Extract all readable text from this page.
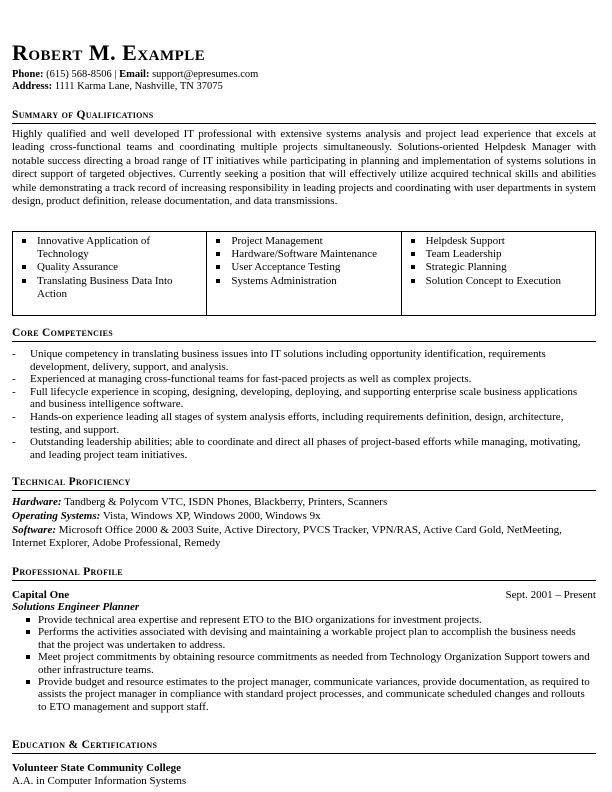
Robert M. Example
Phone: (615) 568-8506 | Email: support@epresumes.com
Address: 1111 Karma Lane, Nashville, TN 37075
Summary of Qualifications
Highly qualified and well developed IT professional with extensive systems analysis and project lead experience that excels at leading cross-functional teams and coordinating multiple projects simultaneously. Solutions-oriented Helpdesk Manager with notable success directing a broad range of IT initiatives while participating in planning and implementation of systems solutions in direct support of targeted objectives. Currently seeking a position that will effectively utilize acquired technical skills and abilities while demonstrating a track record of increasing responsibility in leading projects and coordinating with user departments in system design, product definition, release documentation, and data transmissions.
Innovative Application of Technology
Quality Assurance
Translating Business Data Into Action
Project Management
Hardware/Software Maintenance
User Acceptance Testing
Systems Administration
Helpdesk Support
Team Leadership
Strategic Planning
Solution Concept to Execution
Core Competencies
- Unique competency in translating business issues into IT solutions including opportunity identification, requirements development, delivery, support, and analysis.
- Experienced at managing cross-functional teams for fast-paced projects as well as complex projects.
- Full lifecycle experience in scoping, designing, developing, deploying, and supporting enterprise scale business applications and business intelligence software.
- Hands-on experience leading all stages of system analysis efforts, including requirements definition, design, architecture, testing, and support.
- Outstanding leadership abilities; able to coordinate and direct all phases of project-based efforts while managing, motivating, and leading project team initiatives.
Technical Proficiency
Hardware: Tandberg & Polycom VTC, ISDN Phones, Blackberry, Printers, Scanners
Operating Systems: Vista, Windows XP, Windows 2000, Windows 9x
Software: Microsoft Office 2000 & 2003 Suite, Active Directory, PVCS Tracker, VPN/RAS, Active Card Gold, NetMeeting, Internet Explorer, Adobe Professional, Remedy
Professional Profile
Capital One	Sept. 2001 – Present
Solutions Engineer Planner
Provide technical area expertise and represent ETO to the BIO organizations for investment projects.
Performs the activities associated with devising and maintaining a workable project plan to accomplish the business needs that the project was undertaken to address.
Meet project commitments by obtaining resource commitments as needed from Technology Organization Support towers and other infrastructure teams.
Provide budget and resource estimates to the project manager, communicate variances, provide documentation, as required to assists the project manager in compliance with standard project processes, and communicate scheduled changes and rollouts to ETO management and support staff.
Education & Certifications
Volunteer State Community College
A.A. in Computer Information Systems
